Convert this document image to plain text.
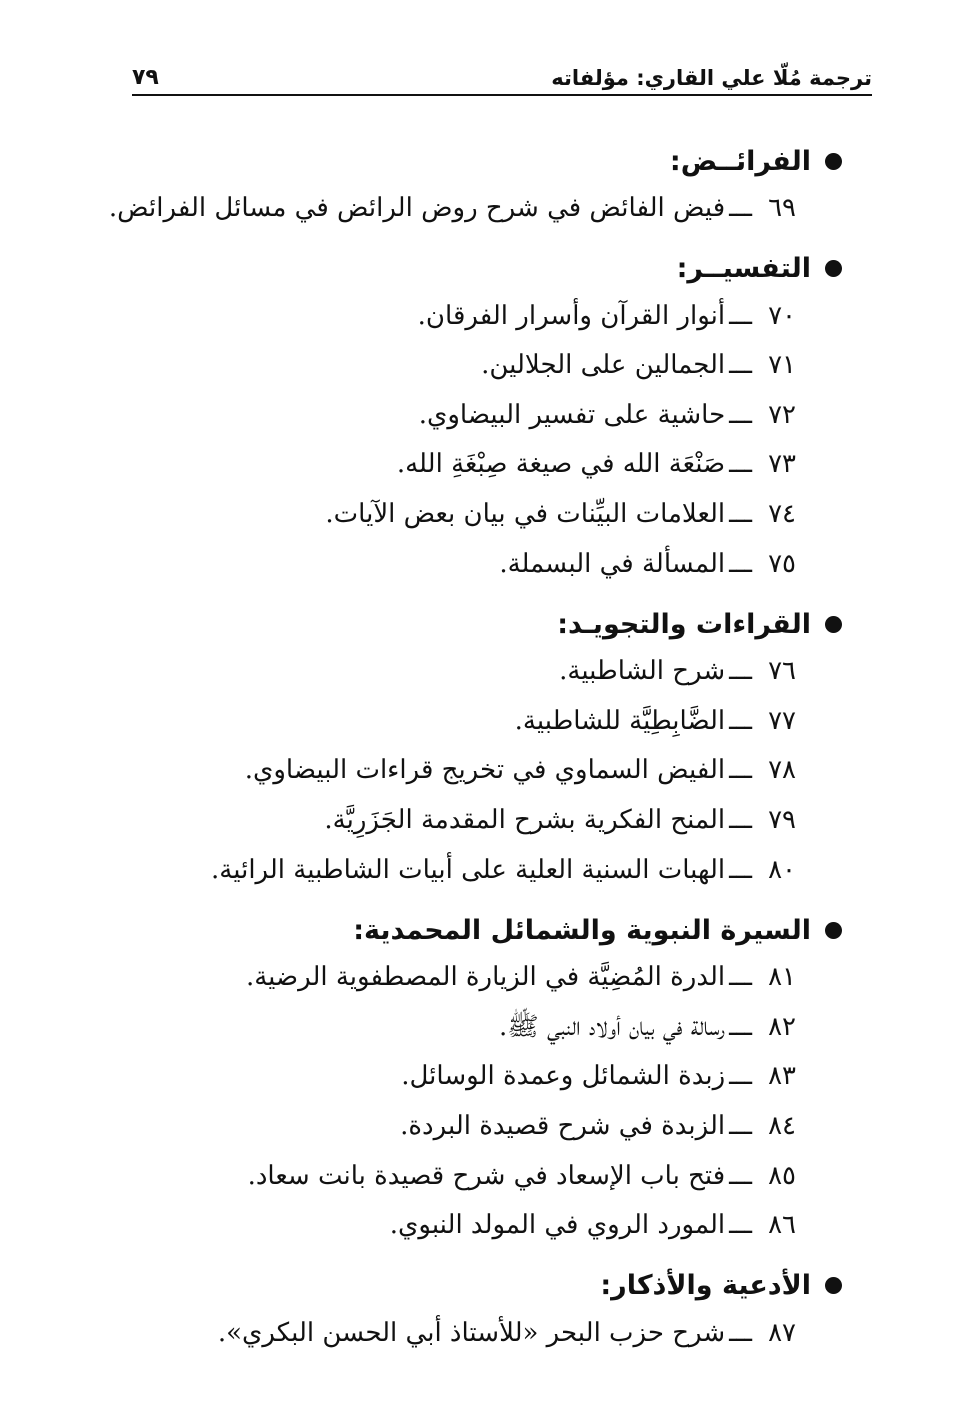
ترجمة مُلّا علي القاري: مؤلفاته
٧٩
الفرائــض:
٦٩ـــفيض الفائض في شرح روض الرائض في مسائل الفرائض.
التفسيــر:
٧٠ـــأنوار القرآن وأسرار الفرقان.
٧١ـــالجمالين على الجلالين.
٧٢ـــحاشية على تفسير البيضاوي.
٧٣ـــصَنْعَة الله في صيغة صِبْغَةِ الله.
٧٤ـــالعلامات البيِّنات في بيان بعض الآيات.
٧٥ـــالمسألة في البسملة.
القراءات والتجويـد:
٧٦ـــشرح الشاطبية.
٧٧ـــالضَّابِطِيَّة للشاطبية.
٧٨ـــالفيض السماوي في تخريج قراءات البيضاوي.
٧٩ـــالمنح الفكرية بشرح المقدمة الجَزَرِيَّة.
٨٠ـــالهبات السنية العلية على أبيات الشاطبية الرائية.
السيرة النبوية والشمائل المحمدية:
٨١ـــالدرة المُضِيَّة في الزيارة المصطفوية الرضية.
٨٢ـــرسالة في بيان أولاد النبي ﷺ.
٨٣ـــزبدة الشمائل وعمدة الوسائل.
٨٤ـــالزبدة في شرح قصيدة البردة.
٨٥ـــفتح باب الإسعاد في شرح قصيدة بانت سعاد.
٨٦ـــالمورد الروي في المولد النبوي.
الأدعية والأذكار:
٨٧ـــشرح حزب البحر «للأستاذ أبي الحسن البكري».
